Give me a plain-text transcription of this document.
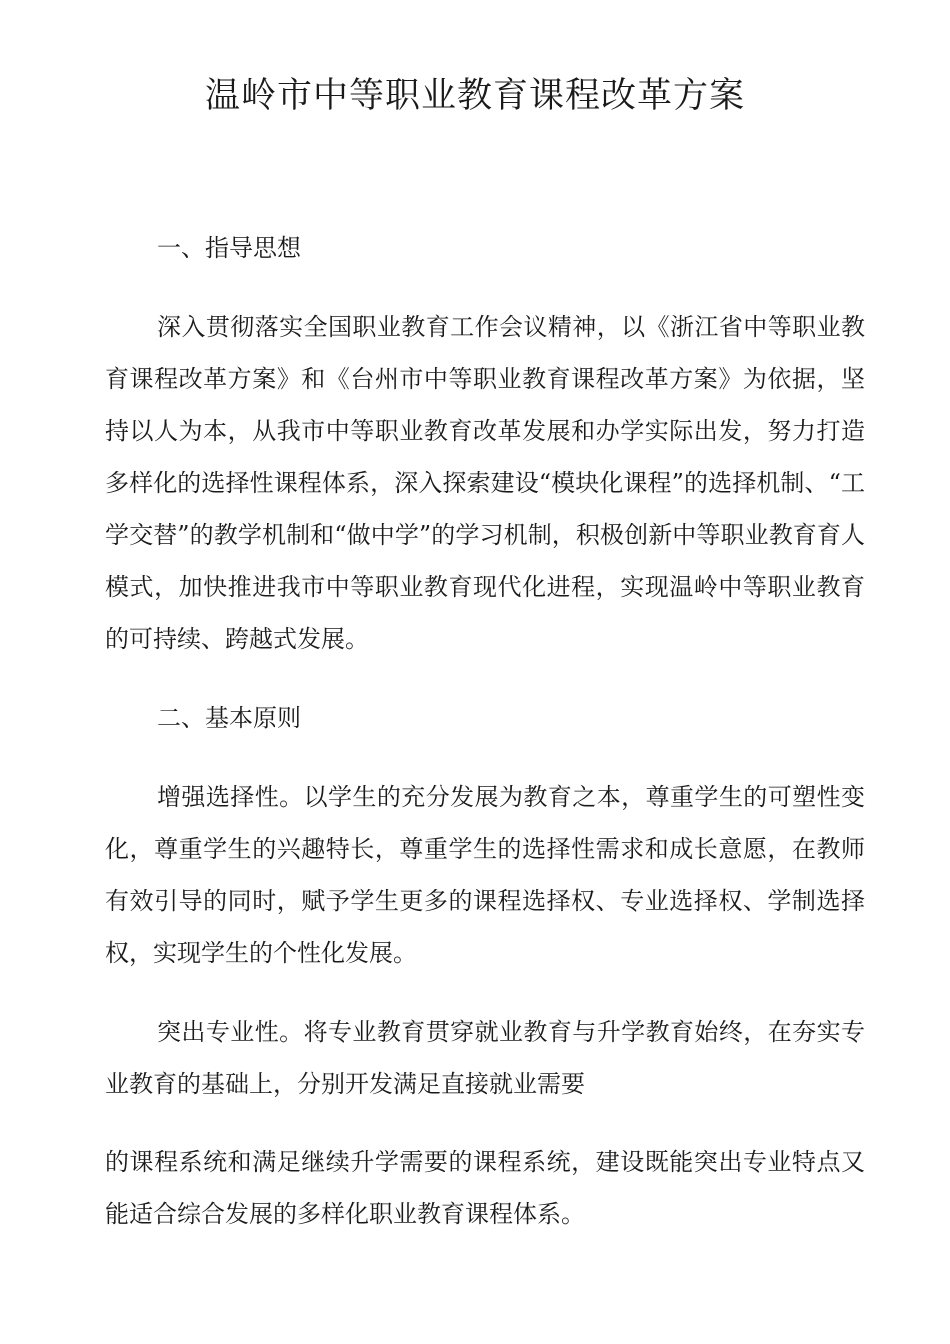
温岭市中等职业教育课程改革方案
一、指导思想

深入贯彻落实全国职业教育工作会议精神，以《浙江省中等职业教育课程改革方案》和《台州市中等职业教育课程改革方案》为依据，坚持以人为本，从我市中等职业教育改革发展和办学实际出发，努力打造多样化的选择性课程体系，深入探索建设“模块化课程”的选择机制、“工学交替”的教学机制和“做中学”的学习机制，积极创新中等职业教育育人模式，加快推进我市中等职业教育现代化进程，实现温岭中等职业教育的可持续、跨越式发展。

二、基本原则

增强选择性。以学生的充分发展为教育之本，尊重学生的可塑性变化，尊重学生的兴趣特长，尊重学生的选择性需求和成长意愿，在教师有效引导的同时，赋予学生更多的课程选择权、专业选择权、学制选择权，实现学生的个性化发展。

突出专业性。将专业教育贯穿就业教育与升学教育始终，在夯实专业教育的基础上，分别开发满足直接就业需要

的课程系统和满足继续升学需要的课程系统，建设既能突出专业特点又能适合综合发展的多样化职业教育课程体系。
